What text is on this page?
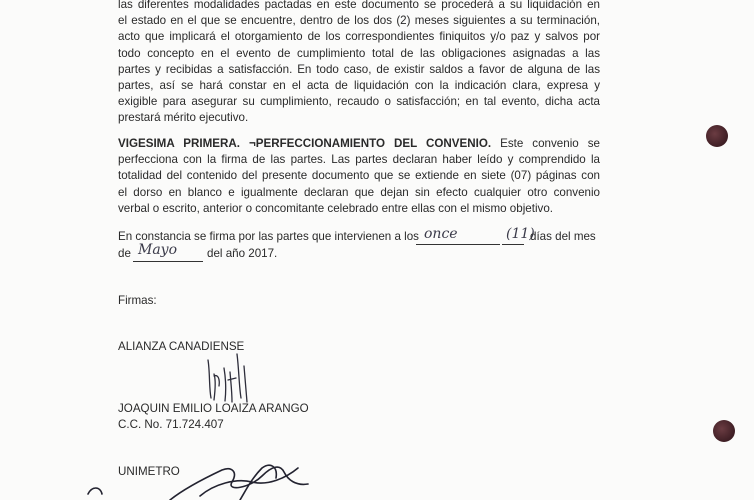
las diferentes modalidades pactadas en este documento se procederá a su liquidación en
el estado en el que se encuentre, dentro de los dos (2) meses siguientes a su terminación,
acto que implicará el otorgamiento de los correspondientes finiquitos y/o paz y salvos por
todo concepto en el evento de cumplimiento total de las obligaciones asignadas a las
partes y recibidas a satisfacción. En todo caso, de existir saldos a favor de alguna de las
partes, así se hará constar en el acta de liquidación con la indicación clara, expresa y
exigible para asegurar su cumplimiento, recaudo o satisfacción; en tal evento, dicha acta
prestará mérito ejecutivo.
VIGESIMA PRIMERA. ¬PERFECCIONAMIENTO DEL CONVENIO. Este convenio se
perfecciona con la firma de las partes. Las partes declaran haber leído y comprendido la
totalidad del contenido del presente documento que se extiende en siete (07) páginas con
el dorso en blanco e igualmente declaran que dejan sin efecto cualquier otro convenio
verbal o escrito, anterior o concomitante celebrado entre ellas con el mismo objetivo.
En constancia se firma por las partes que intervienen a los once	(11)
días del mes
de Mayo	del año 2017.
Firmas:
ALIANZA CANADIENSE
JOAQUIN EMILIO LOAIZA ARANGO
C.C. No. 71.724.407
UNIMETRO
